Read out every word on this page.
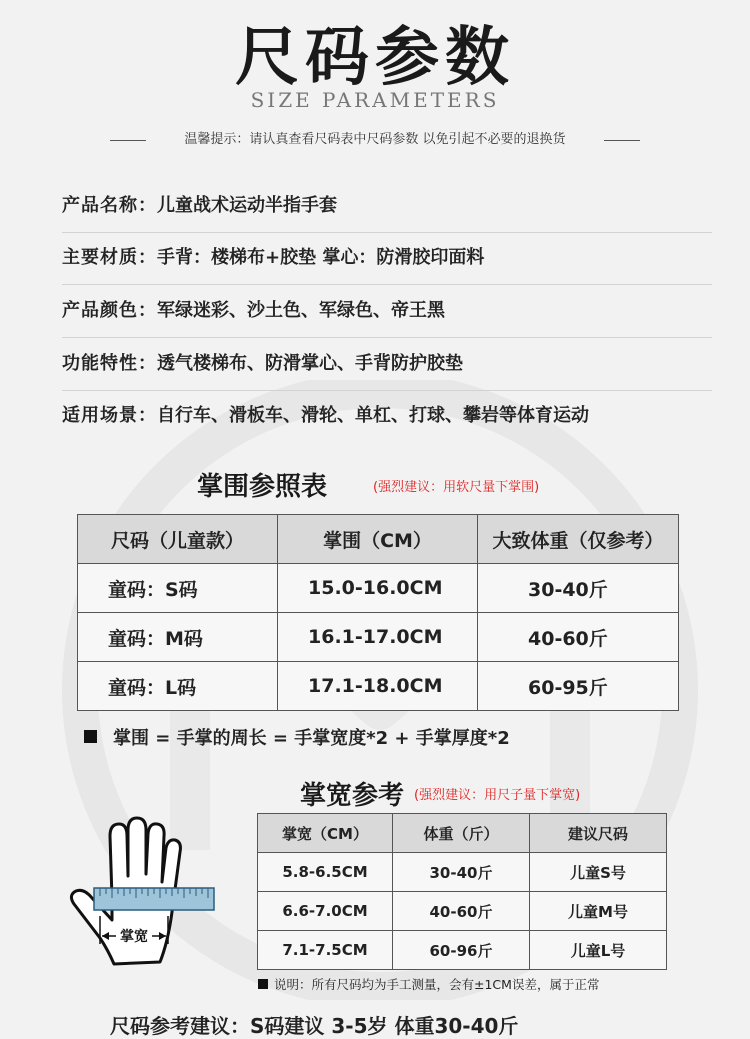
尺码参数
SIZE PARAMETERS
温馨提示：请认真查看尺码表中尺码参数 以免引起不必要的退换货
产品名称：儿童战术运动半指手套
主要材质：手背：楼梯布+胶垫 掌心：防滑胶印面料
产品颜色：军绿迷彩、沙土色、军绿色、帝王黑
功能特性：透气楼梯布、防滑掌心、手背防护胶垫
适用场景：自行车、滑板车、滑轮、单杠、打球、攀岩等体育运动
掌围参照表	(强烈建议：用软尺量下掌围)
尺码（儿童款）	掌围（CM）	大致体重（仅参考）
童码：S码	15.0-16.0CM	30-40斤
童码：M码	16.1-17.0CM	40-60斤
童码：L码	17.1-18.0CM	60-95斤
掌围 = 手掌的周长 = 手掌宽度*2 + 手掌厚度*2
掌宽参考 (强烈建议：用尺子量下掌宽)
掌宽
掌宽（CM）	体重（斤）	建议尺码
5.8-6.5CM	30-40斤	儿童S号
6.6-7.0CM	40-60斤	儿童M号
7.1-7.5CM	60-96斤	儿童L号
说明：所有尺码均为手工测量，会有±1CM误差，属于正常
尺码参考建议：S码建议 3-5岁 体重30-40斤
